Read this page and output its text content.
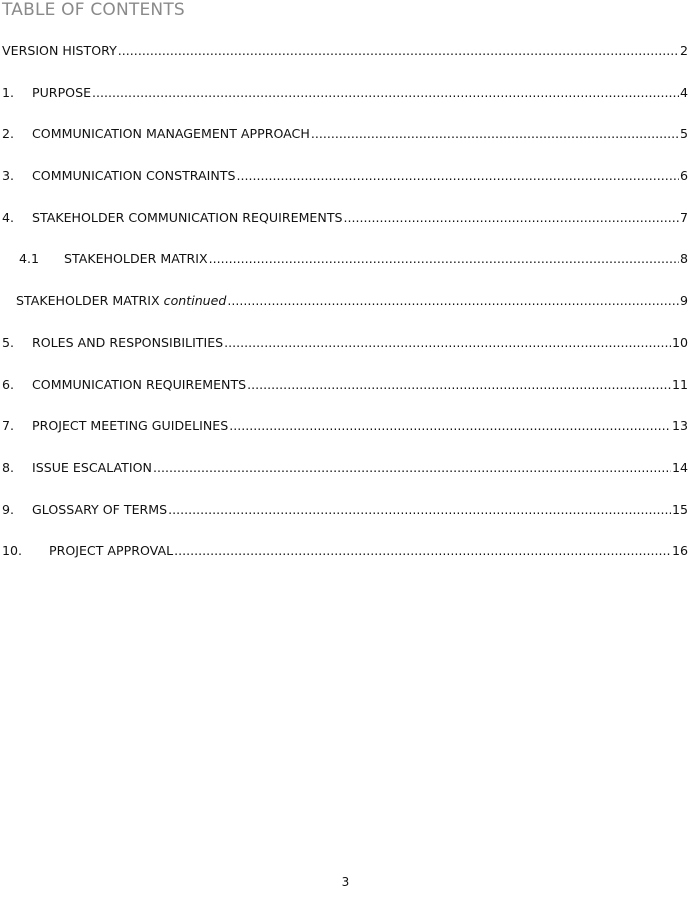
TABLE OF CONTENTS
VERSION HISTORY .....	2
1.	PURPOSE .....	4
2.	COMMUNICATION MANAGEMENT APPROACH .....	5
3.	COMMUNICATION CONSTRAINTS .....	6
4.	STAKEHOLDER COMMUNICATION REQUIREMENTS .....	7
4.1	STAKEHOLDER MATRIX .....	8
STAKEHOLDER MATRIX continued .....	9
5.	ROLES AND RESPONSIBILITIES .....	10
6.	COMMUNICATION REQUIREMENTS .....	11
7.	PROJECT MEETING GUIDELINES .....	13
8.	ISSUE ESCALATION .....	14
9.	GLOSSARY OF TERMS .....	15
10.	PROJECT APPROVAL .....	16
3
